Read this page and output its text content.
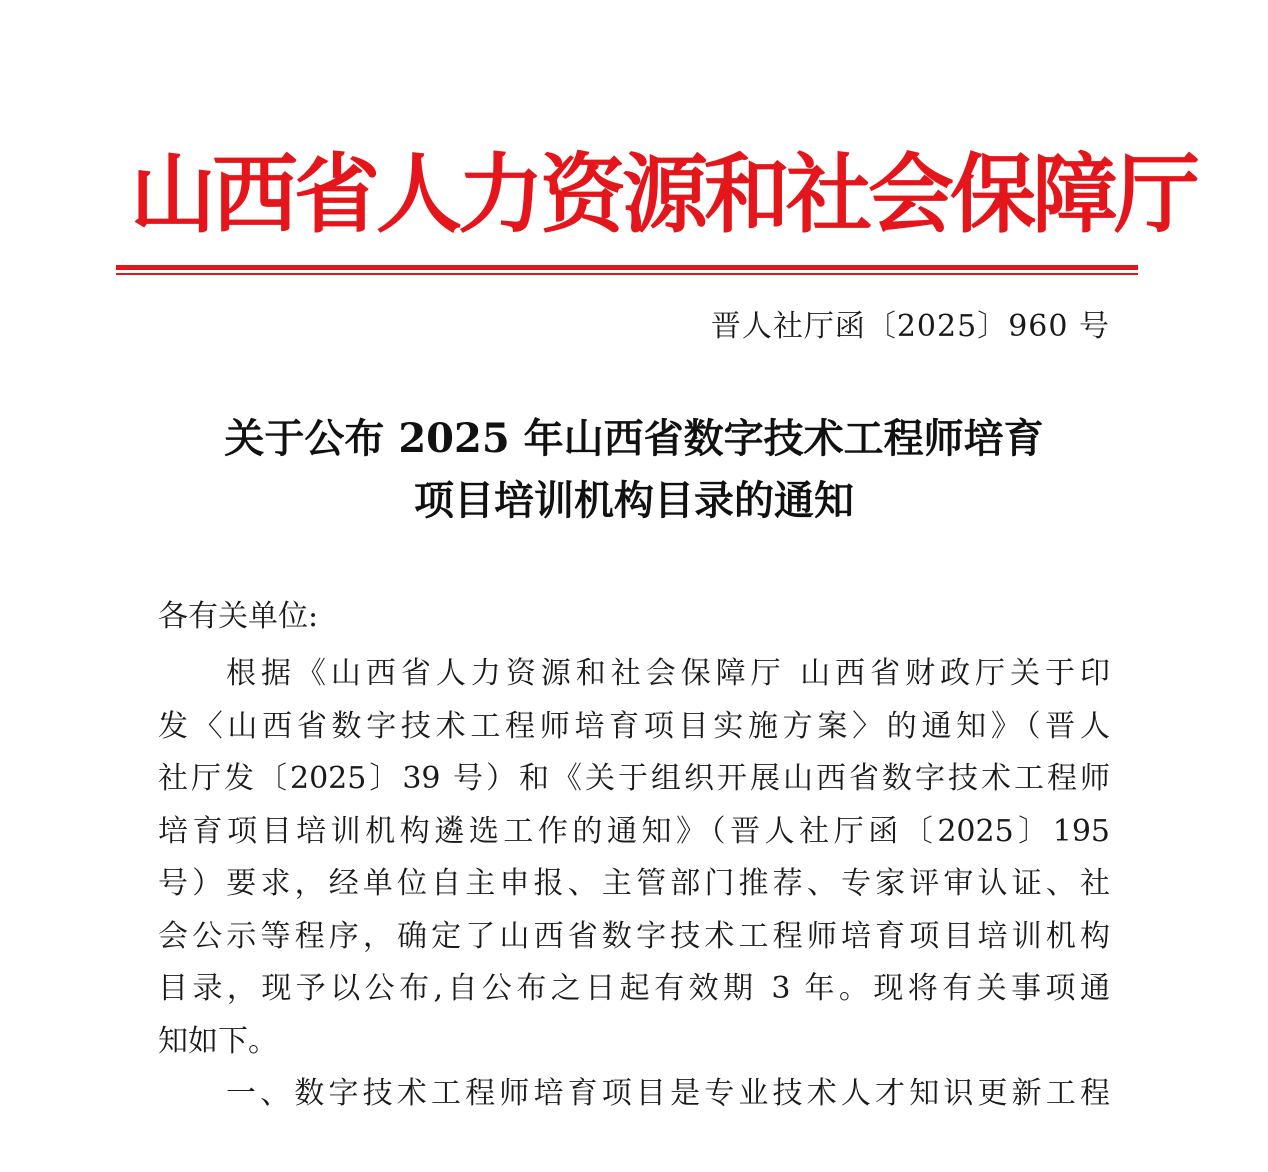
山西省人力资源和社会保障厅
晋人社厅函〔2025〕960 号
关于公布 2025 年山西省数字技术工程师培育
项目培训机构目录的通知
各有关单位:
根据《山西省人力资源和社会保障厅 山西省财政厅关于印
发〈山西省数字技术工程师培育项目实施方案〉的通知》（晋人
社厅发〔2025〕39 号）和《关于组织开展山西省数字技术工程师
培育项目培训机构遴选工作的通知》（晋人社厅函〔2025〕195
号）要求，经单位自主申报、主管部门推荐、专家评审认证、社
会公示等程序，确定了山西省数字技术工程师培育项目培训机构
目录，现予以公布,自公布之日起有效期 3 年。现将有关事项通
知如下。
一、数字技术工程师培育项目是专业技术人才知识更新工程
